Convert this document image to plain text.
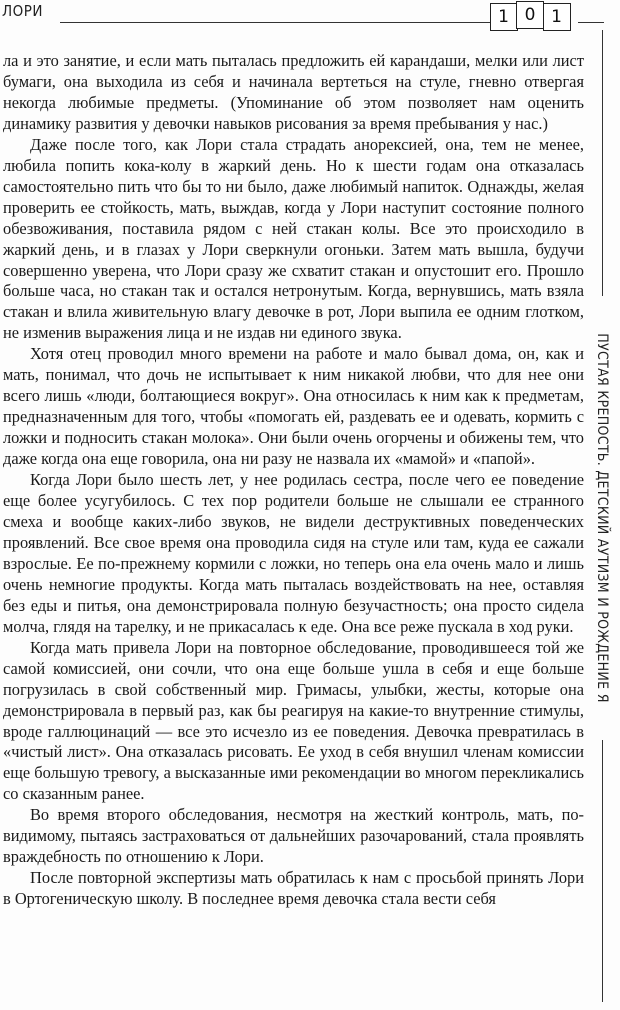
ЛОРИ	1 0 1

ла и это занятие, и если мать пыталась предложить ей карандаши, мелки или лист бумаги, она выходила из себя и начинала вертеться на стуле, гневно отвергая некогда любимые предметы. (Упоминание об этом позволяет нам оценить динамику развития у девочки навыков рисования за время пребывания у нас.)

Даже после того, как Лори стала страдать анорексией, она, тем не менее, любила попить кока-колу в жаркий день. Но к шести годам она отказалась самостоятельно пить что бы то ни было, даже любимый напиток. Однажды, желая проверить ее стойкость, мать, выждав, когда у Лори наступит состояние полного обезвоживания, поставила рядом с ней стакан колы. Все это происходило в жаркий день, и в глазах у Лори сверкнули огоньки. Затем мать вышла, будучи совершенно уверена, что Лори сразу же схватит стакан и опустошит его. Прошло больше часа, но стакан так и остался нетронутым. Когда, вернувшись, мать взяла стакан и влила живительную влагу девочке в рот, Лори выпила ее одним глотком, не изменив выражения лица и не издав ни единого звука.

Хотя отец проводил много времени на работе и мало бывал дома, он, как и мать, понимал, что дочь не испытывает к ним никакой любви, что для нее они всего лишь «люди, болтающиеся вокруг». Она относилась к ним как к предметам, предназначенным для того, чтобы «помогать ей, раздевать ее и одевать, кормить с ложки и подносить стакан молока». Они были очень огорчены и обижены тем, что даже когда она еще говорила, она ни разу не назвала их «мамой» и «папой».

Когда Лори было шесть лет, у нее родилась сестра, после чего ее поведение еще более усугубилось. С тех пор родители больше не слышали ее странного смеха и вообще каких-либо звуков, не видели деструктивных поведенческих проявлений. Все свое время она проводила сидя на стуле или там, куда ее сажали взрослые. Ее по-прежнему кормили с ложки, но теперь она ела очень мало и лишь очень немногие продукты. Когда мать пыталась воздействовать на нее, оставляя без еды и питья, она демонстрировала полную безучастность; она просто сидела молча, глядя на тарелку, и не прикасалась к еде. Она все реже пускала в ход руки.

Когда мать привела Лори на повторное обследование, проводившееся той же самой комиссией, они сочли, что она еще больше ушла в себя и еще больше погрузилась в свой собственный мир. Гримасы, улыбки, жесты, которые она демонстрировала в первый раз, как бы реагируя на какие-то внутренние стимулы, вроде галлюцинаций — все это исчезло из ее поведения. Девочка превратилась в «чистый лист». Она отказалась рисовать. Ее уход в себя внушил членам комиссии еще большую тревогу, а высказанные ими рекомендации во многом перекликались со сказанным ранее.

Во время второго обследования, несмотря на жесткий контроль, мать, по-видимому, пытаясь застраховаться от дальнейших разочарований, стала проявлять враждебность по отношению к Лори.

После повторной экспертизы мать обратилась к нам с просьбой принять Лори в Ортогеническую школу. В последнее время девочка стала вести себя

ПУСТАЯ КРЕПОСТЬ. ДЕТСКИЙ АУТИЗМ И РОЖДЕНИЕ Я
